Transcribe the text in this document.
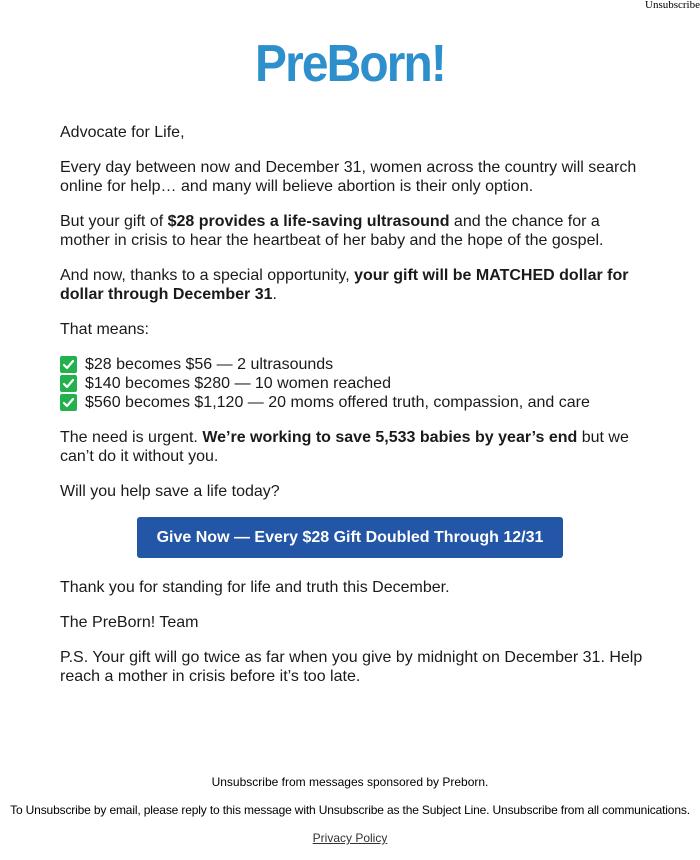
Unsubscribe
PreBorn!

Advocate for Life,

Every day between now and December 31, women across the country will search online for help… and many will believe abortion is their only option.

But your gift of $28 provides a life-saving ultrasound and the chance for a mother in crisis to hear the heartbeat of her baby and the hope of the gospel.

And now, thanks to a special opportunity, your gift will be MATCHED dollar for dollar through December 31.

That means:

$28 becomes $56 — 2 ultrasounds
$140 becomes $280 — 10 women reached
$560 becomes $1,120 — 20 moms offered truth, compassion, and care

The need is urgent. We’re working to save 5,533 babies by year’s end but we can’t do it without you.

Will you help save a life today?

Give Now — Every $28 Gift Doubled Through 12/31

Thank you for standing for life and truth this December.

The PreBorn! Team

P.S. Your gift will go twice as far when you give by midnight on December 31. Help reach a mother in crisis before it’s too late.

Unsubscribe from messages sponsored by Preborn.
To Unsubscribe by email, please reply to this message with Unsubscribe as the Subject Line. Unsubscribe from all communications.
Privacy Policy
